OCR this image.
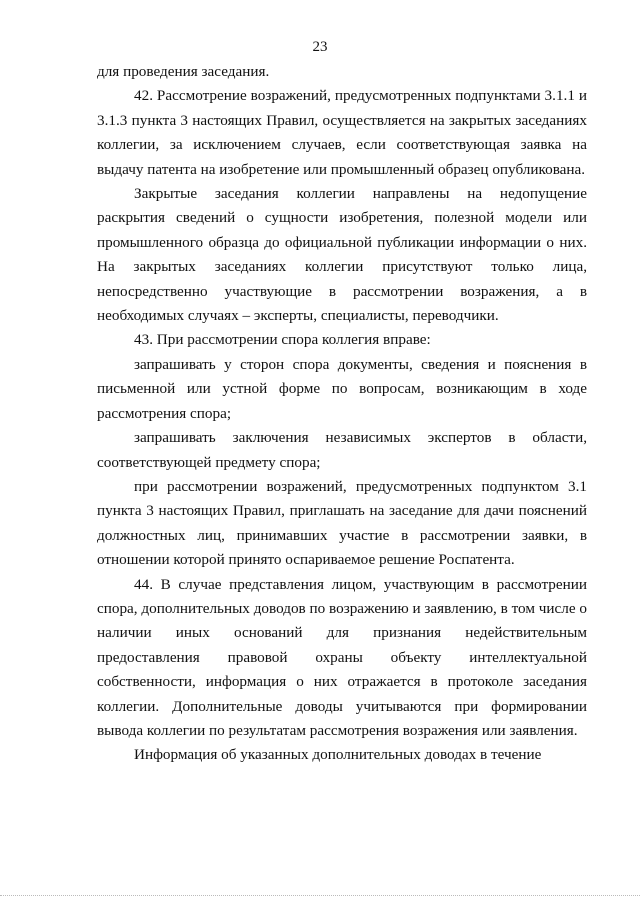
23

для проведения заседания.

42. Рассмотрение возражений, предусмотренных подпунктами 3.1.1 и 3.1.3 пункта 3 настоящих Правил, осуществляется на закрытых заседаниях коллегии, за исключением случаев, если соответствующая заявка на выдачу патента на изобретение или промышленный образец опубликована.

Закрытые заседания коллегии направлены на недопущение раскрытия сведений о сущности изобретения, полезной модели или промышленного образца до официальной публикации информации о них. На закрытых заседаниях коллегии присутствуют только лица, непосредственно участвующие в рассмотрении возражения, а в необходимых случаях – эксперты, специалисты, переводчики.

43. При рассмотрении спора коллегия вправе:

запрашивать у сторон спора документы, сведения и пояснения в письменной или устной форме по вопросам, возникающим в ходе рассмотрения спора;

запрашивать заключения независимых экспертов в области, соответствующей предмету спора;

при рассмотрении возражений, предусмотренных подпунктом 3.1 пункта 3 настоящих Правил, приглашать на заседание для дачи пояснений должностных лиц, принимавших участие в рассмотрении заявки, в отношении которой принято оспариваемое решение Роспатента.

44. В случае представления лицом, участвующим в рассмотрении спора, дополнительных доводов по возражению и заявлению, в том числе о наличии иных оснований для признания недействительным предоставления правовой охраны объекту интеллектуальной собственности, информация о них отражается в протоколе заседания коллегии. Дополнительные доводы учитываются при формировании вывода коллегии по результатам рассмотрения возражения или заявления.

Информация об указанных дополнительных доводах в течение
